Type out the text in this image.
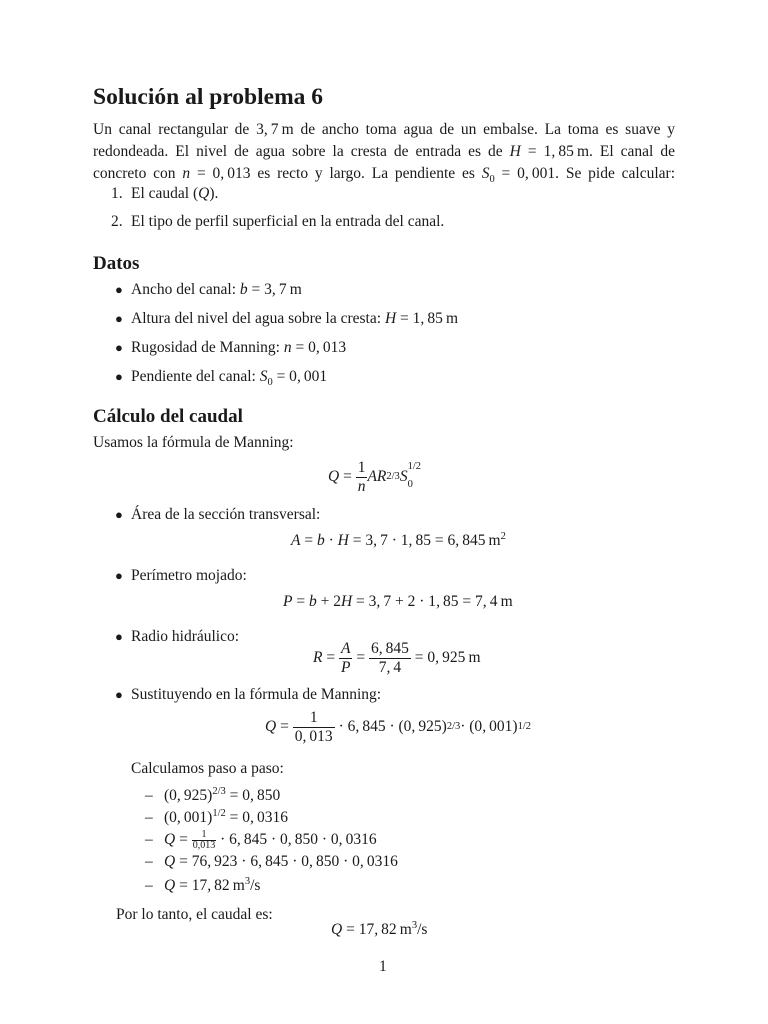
Solución al problema 6
Un canal rectangular de 3, 7 m de ancho toma agua de un embalse. La toma es suave y
redondeada. El nivel de agua sobre la cresta de entrada es de H = 1, 85 m. El canal de
concreto con n = 0, 013 es recto y largo. La pendiente es $S_0 = 0$, 001. Se pide calcular:
1. El caudal (Q).
2. El tipo de perfil superficial en la entrada del canal.
Datos
● Ancho del canal: b = 3, 7 m
● Altura del nivel del agua sobre la cresta: H = 1, 85 m
● Rugosidad de Manning: n = 0, 013
● Pendiente del canal: $S_0 = 0$, 001
Cálculo del caudal
Usamos la fórmula de Manning:
$Q = \frac{1}{n}$ AR 2/3 S
1/2
0
● Área de la sección transversal:
A = b · H = 3, 7 · 1, 85 = 6, 845 $m^2$
● Perímetro mojado:
P = b + 2H = 3, 7 + 2 · 1, 85 = 7, 4 m
● Radio hidráulico:
$R = \frac{A}{P} = \frac{6, 845}{7, 4} = 0$ ,  925 m
● Sustituyendo en la fórmula de Manning:
$Q = \frac{1}{0, 013} \cdot 6$ ,  845 · (0 ,  925) 2/3 · (0 ,  001) 1/2
Calculamos paso a paso:
– (0, 925)$^{2/3}$ = 0, 850
– (0, 001)$^{1/2}$ = 0, 0316
– Q = 1
0,013 · 6 ,  845 · 0 ,  850 · 0 ,  0316
– Q = 76, 923 · 6, 845 · 0, 850 · 0, 0316
– Q = 17, 82 $m^3/s$
Por lo tanto, el caudal es:
Q = 17, 82 $m^3/s$
1
